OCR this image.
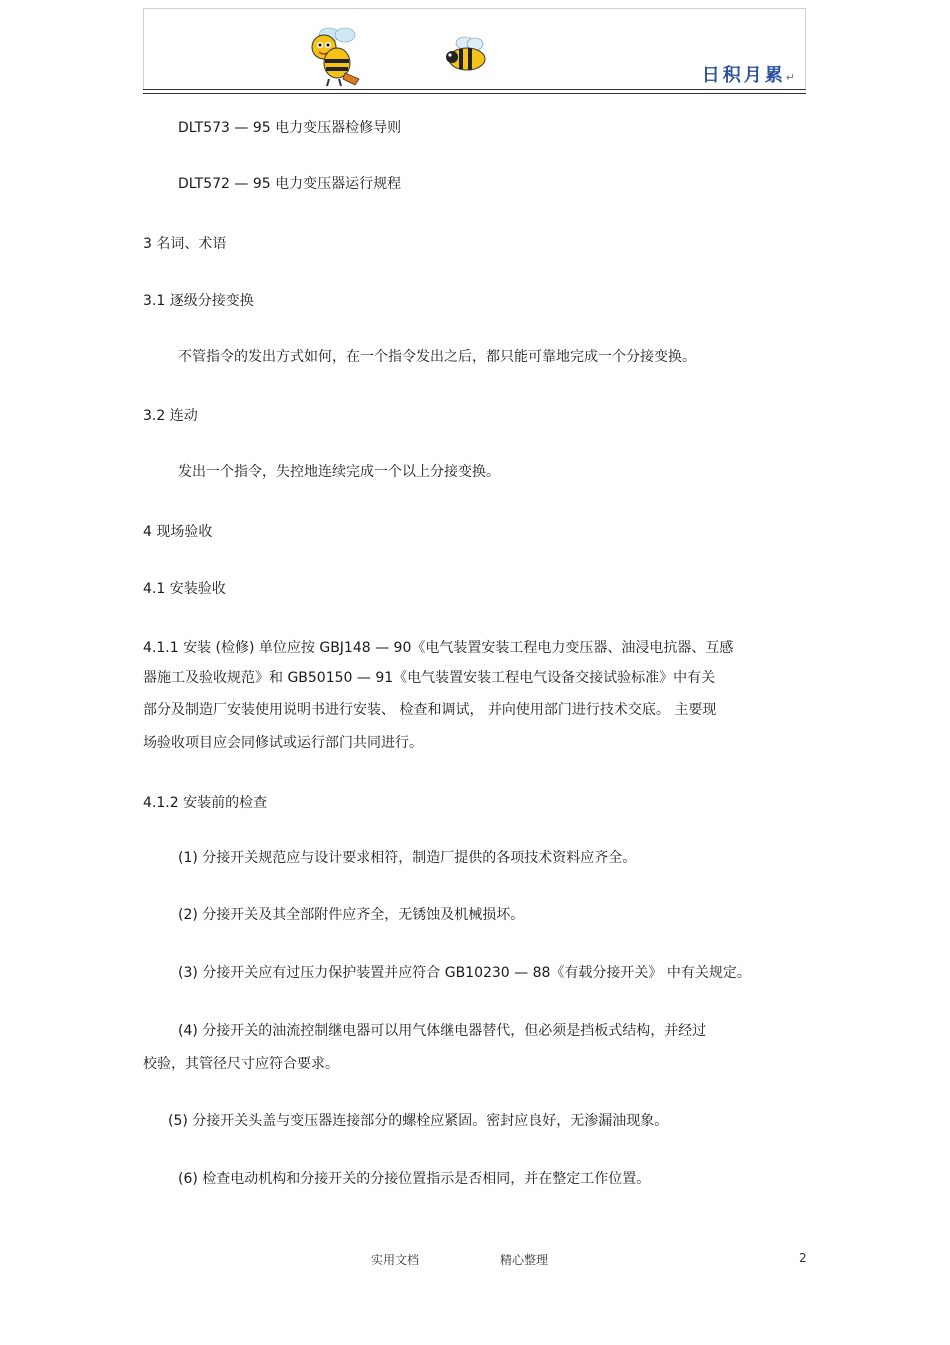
日积月累↵
DLT573 — 95 电力变压器检修导则
DLT572 — 95 电力变压器运行规程
3 名词、术语
3.1 逐级分接变换
不管指令的发出方式如何，在一个指令发出之后，都只能可靠地完成一个分接变换。
3.2 连动
发出一个指令，失控地连续完成一个以上分接变换。
4 现场验收
4.1 安装验收
4.1.1 安装 (检修) 单位应按 GBJ148 — 90《电气装置安装工程电力变压器、油浸电抗器、互感
器施工及验收规范》和 GB50150 — 91《电气装置安装工程电气设备交接试验标准》中有关
部分及制造厂安装使用说明书进行安装、 检查和调试， 并向使用部门进行技术交底。 主要现
场验收项目应会同修试或运行部门共同进行。
4.1.2 安装前的检查
(1) 分接开关规范应与设计要求相符，制造厂提供的各项技术资料应齐全。
(2) 分接开关及其全部附件应齐全，无锈蚀及机械损坏。
(3) 分接开关应有过压力保护装置并应符合 GB10230 — 88《有载分接开关》 中有关规定。
(4) 分接开关的油流控制继电器可以用气体继电器替代，但必须是挡板式结构，并经过
校验，其管径尺寸应符合要求。
(5) 分接开关头盖与变压器连接部分的螺栓应紧固。密封应良好，无渗漏油现象。
(6) 检查电动机构和分接开关的分接位置指示是否相同，并在整定工作位置。
实用文档	精心整理	2
